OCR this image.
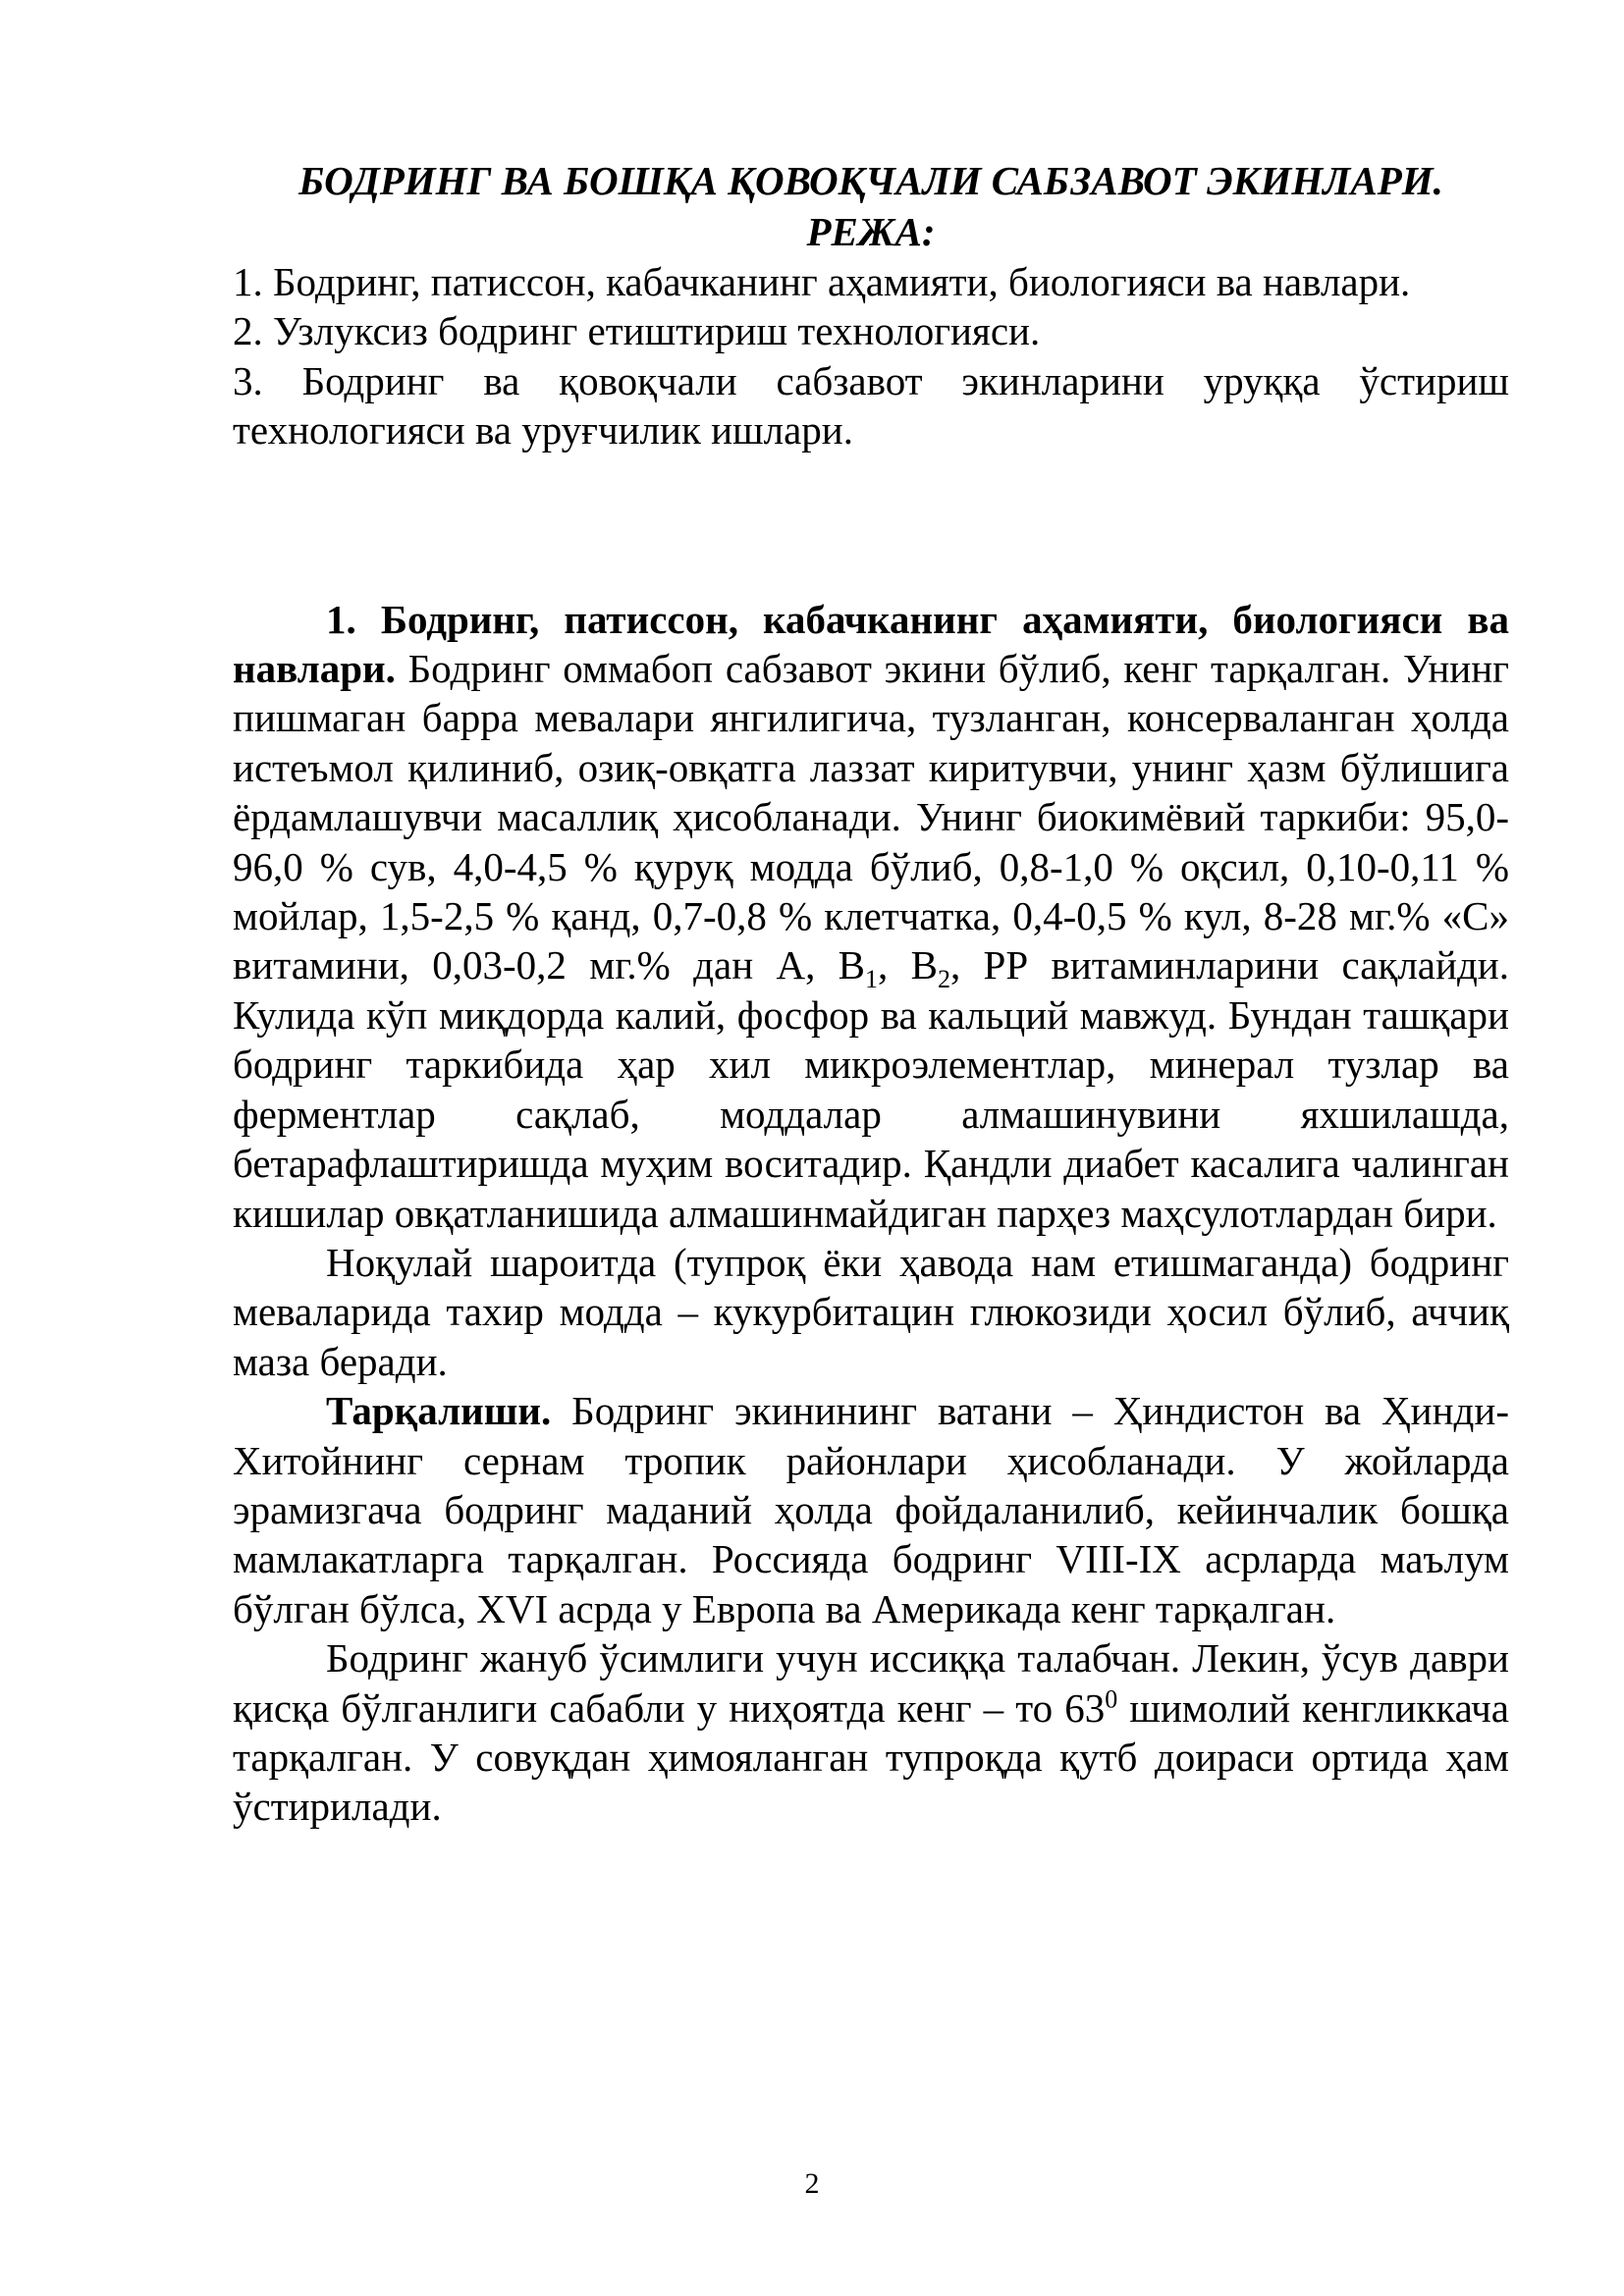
БОДРИНГ ВА БОШҚА ҚОВОҚЧАЛИ САБЗАВОТ ЭКИНЛАРИ.
РЕЖА:

1. Бодринг, патиссон, кабачканинг аҳамияти, биологияси ва навлари.

2. Узлуксиз бодринг етиштириш технологияси.

3. Бодринг ва қовоқчали сабзавот экинларини уруққа ўстириш технологияси ва уруғчилик ишлари.

1. Бодринг, патиссон, кабачканинг аҳамияти, биологияси ва навлари. Бодринг оммабоп сабзавот экини бўлиб, кенг тарқалган. Унинг пишмаган барра мевалари янгилигича, тузланган, консерваланган ҳолда истеъмол қилиниб, озиқ-овқатга лаззат киритувчи, унинг ҳазм бўлишига ёрдамлашувчи масаллиқ ҳисобланади. Унинг биокимёвий таркиби: 95,0-96,0 % сув, 4,0-4,5 % қуруқ модда бўлиб, 0,8-1,0 % оқсил, 0,10-0,11 % мойлар, 1,5-2,5 % қанд, 0,7-0,8 % клетчатка, 0,4-0,5 % кул, 8-28 мг.% «С» витамини, 0,03-0,2 мг.% дан А, $В_1$, $В_2$, РР витаминларини сақлайди. Кулида кўп миқдорда калий, фосфор ва кальций мавжуд. Бундан ташқари бодринг таркибида ҳар хил микроэлементлар, минерал тузлар ва ферментлар сақлаб, моддалар алмашинувини яхшилашда, бетарафлаштиришда муҳим воситадир. Қандли диабет касалига чалинган кишилар овқатланишида алмашинмайдиган парҳез маҳсулотлардан бири.

Ноқулай шароитда (тупроқ ёки ҳавода нам етишмаганда) бодринг меваларида тахир модда – кукурбитацин глюкозиди ҳосил бўлиб, аччиқ маза беради.

Тарқалиши. Бодринг экинининг ватани – Ҳиндистон ва Ҳинди-Хитойнинг сернам тропик районлари ҳисобланади. У жойларда эрамизгача бодринг маданий ҳолда фойдаланилиб, кейинчалик бошқа мамлакатларга тарқалган. Россияда бодринг VIII-IX асрларда маълум бўлган бўлса, XVI асрда у Европа ва Америкада кенг тарқалган.

Бодринг жануб ўсимлиги учун иссиққа талабчан. Лекин, ўсув даври қисқа бўлганлиги сабабли у ниҳоятда кенг – то $63^0$ шимолий кенгликкача тарқалган. У совуқдан ҳимояланган тупроқда қутб доираси ортида ҳам ўстирилади.

2
